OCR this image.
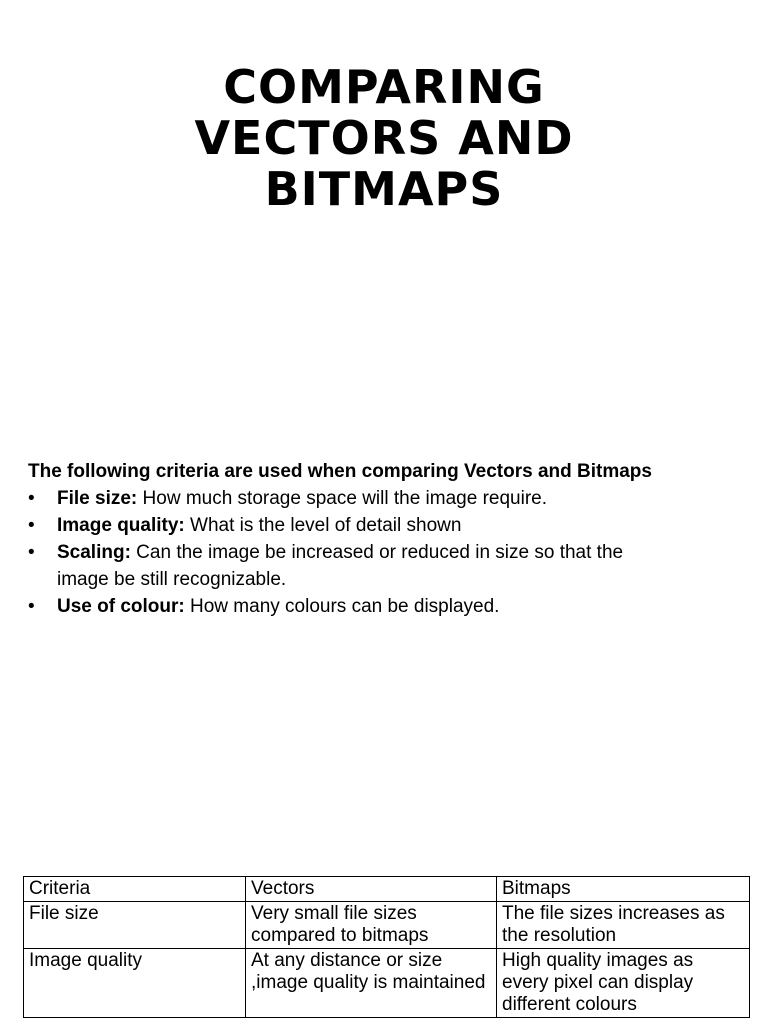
COMPARING
VECTORS AND
BITMAPS

The following criteria are used when comparing Vectors and Bitmaps

•	File size: How much storage space will the image require.
•	Image quality: What is the level of detail shown
•	Scaling: Can the image be increased or reduced in size so that the image be still recognizable.
•	Use of colour: How many colours can be displayed.
Criteria	Vectors	Bitmaps
File size	Very small file sizes compared to bitmaps	The file sizes increases as the resolution
Image quality	At any distance or size ,image quality is maintained	High quality images as every pixel can display different colours
